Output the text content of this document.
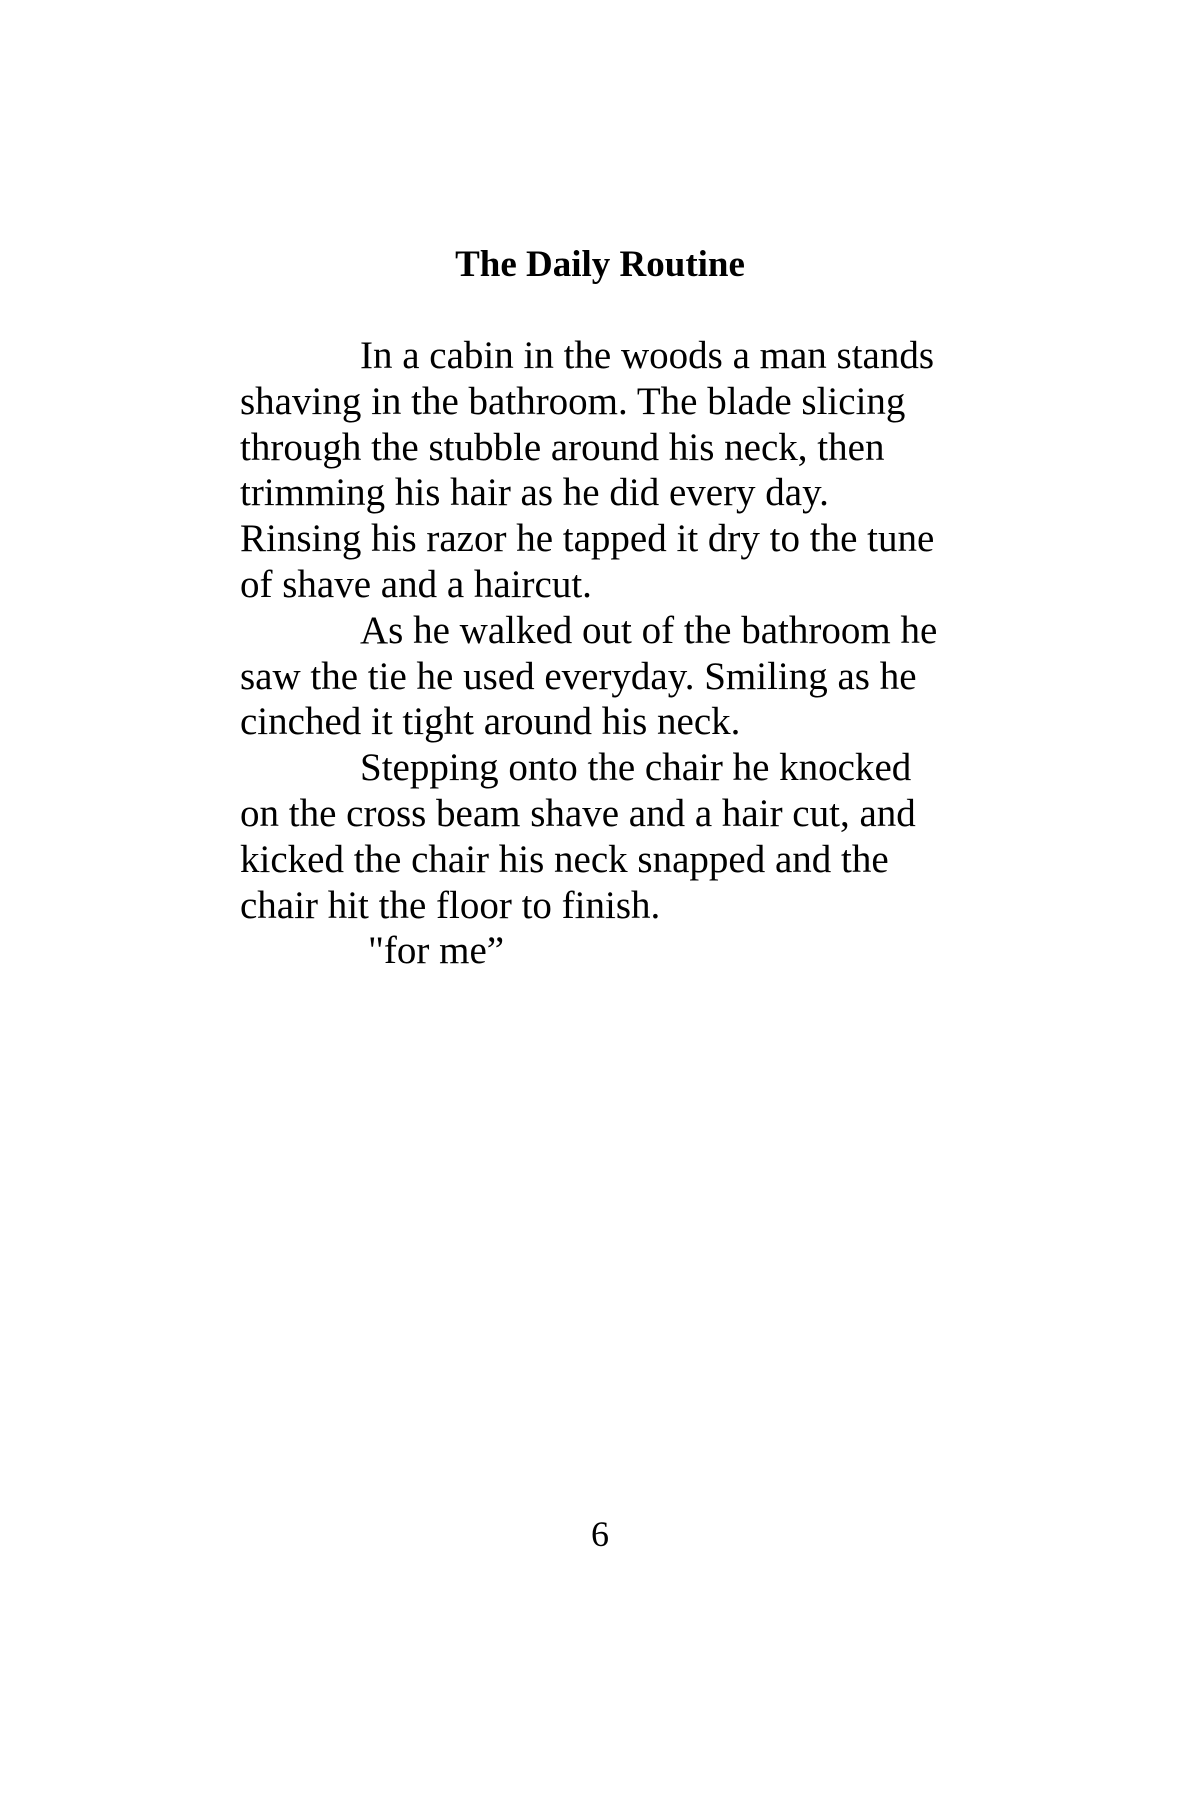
The Daily Routine
In a cabin in the woods a man stands
shaving in the bathroom. The blade slicing
through the stubble around his neck, then
trimming his hair as he did every day.
Rinsing his razor he tapped it dry to the tune
of shave and a haircut.
As he walked out of the bathroom he
saw the tie he used everyday. Smiling as he
cinched it tight around his neck.
Stepping onto the chair he knocked
on the cross beam shave and a hair cut, and
kicked the chair his neck snapped and the
chair hit the floor to finish.
"for me”

6
